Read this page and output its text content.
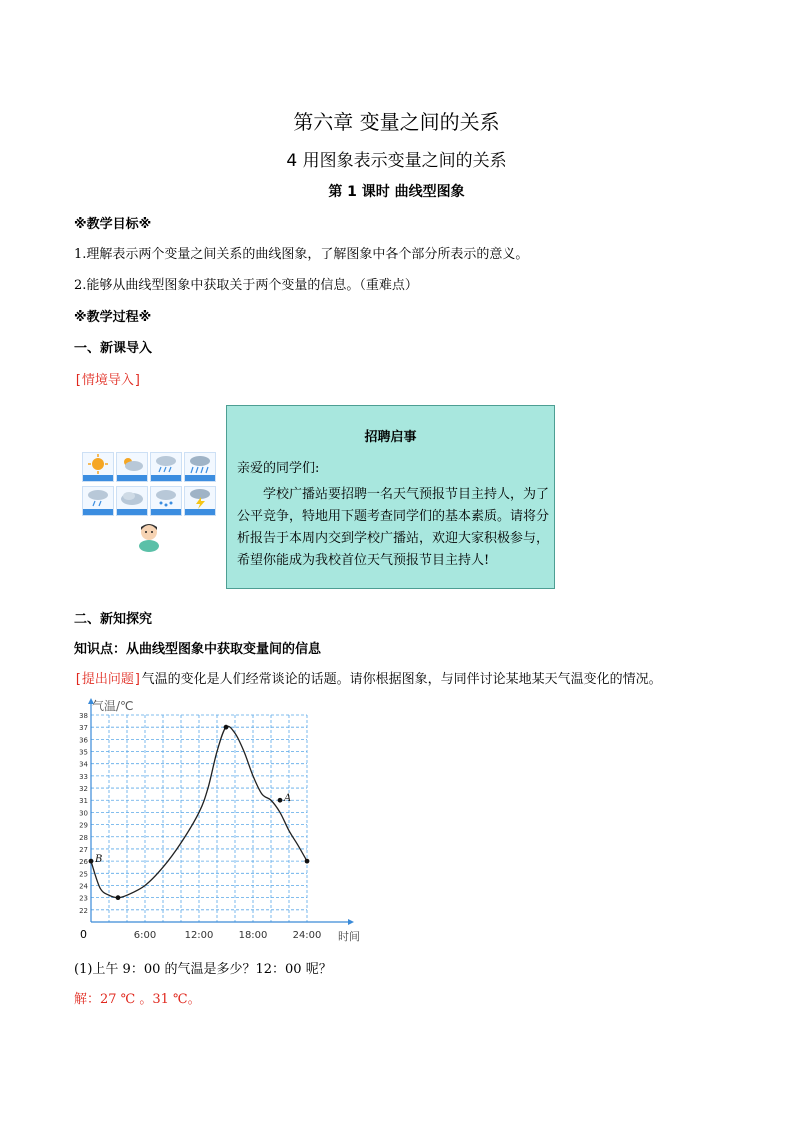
第六章 变量之间的关系
4 用图象表示变量之间的关系
第 1 课时 曲线型图象
※教学目标※
1.理解表示两个变量之间关系的曲线图象，了解图象中各个部分所表示的意义。
2.能够从曲线型图象中获取关于两个变量的信息。（重难点）
※教学过程※
一、新课导入
[情境导入]
招聘启事
亲爱的同学们:
学校广播站要招聘一名天气预报节目主持人，为了公平竞争，特地用下题考查同学们的基本素质。请将分析报告于本周内交到学校广播站，欢迎大家积极参与，希望你能成为我校首位天气预报节目主持人!
二、新知探究
知识点：从曲线型图象中获取变量间的信息
[提出问题]气温的变化是人们经常谈论的话题。请你根据图象，与同伴讨论某地某天气温变化的情况。
22
23
24
25
26
27
28
29
30
31
32
33
34
35
36
37
38
6:00	12:00	18:00	24:00
B
A
气温/℃
时间
0
(1)上午 9：00 的气温是多少？12：00 呢？
解：27 ℃ 。31 ℃。
